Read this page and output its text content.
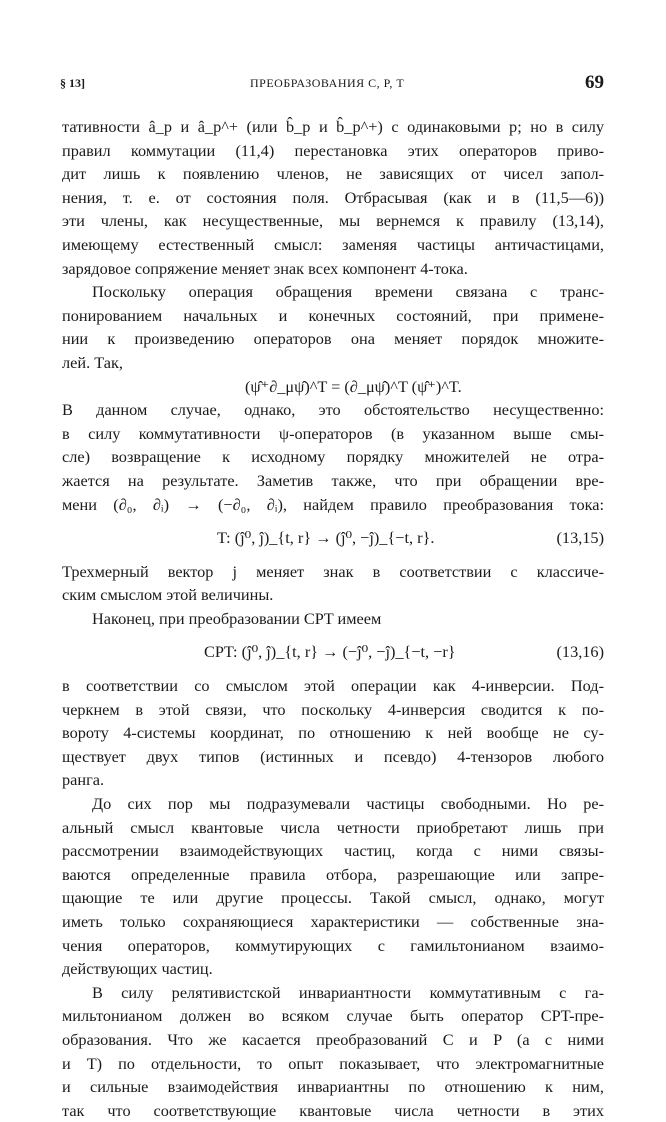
§ 13]	ПРЕОБРАЗОВАНИЯ С, Р, Т	69
тативности â_p и â_p^+ (или b̂_p и b̂_p^+) с одинаковыми p; но в силу
правил коммутации (11,4) перестановка этих операторов приво-
дит лишь к появлению членов, не зависящих от чисел запол-
нения, т. е. от состояния поля. Отбрасывая (как и в (11,5—6))
эти члены, как несущественные, мы вернемся к правилу (13,14),
имеющему естественный смысл: заменяя частицы античастицами,
зарядовое сопряжение меняет знак всех компонент 4-тока.
Поскольку операция обращения времени связана с транс-
понированием начальных и конечных состояний, при примене-
нии к произведению операторов она меняет порядок множите-
лей. Так,
(ψ̂⁺∂_μψ̂)^T = (∂_μψ̂)^T (ψ̂⁺)^T.
В данном случае, однако, это обстоятельство несущественно:
в силу коммутативности ψ-операторов (в указанном выше смы-
сле) возвращение к исходному порядку множителей не отра-
жается на результате. Заметив также, что при обращении вре-
мени (∂₀, ∂ᵢ) → (−∂₀, ∂ᵢ), найдем правило преобразования тока:
T: (ĵ⁰, ĵ)_{t, r} → (ĵ⁰, −ĵ)_{−t, r}.	(13,15)
Трехмерный вектор j меняет знак в соответствии с классиче-
ским смыслом этой величины.
Наконец, при преобразовании CPT имеем
CPT: (ĵ⁰, ĵ)_{t, r} → (−ĵ⁰, −ĵ)_{−t, −r}	(13,16)
в соответствии со смыслом этой операции как 4-инверсии. Под-
черкнем в этой связи, что поскольку 4-инверсия сводится к по-
вороту 4-системы координат, по отношению к ней вообще не су-
ществует двух типов (истинных и псевдо) 4-тензоров любого
ранга.
До сих пор мы подразумевали частицы свободными. Но ре-
альный смысл квантовые числа четности приобретают лишь при
рассмотрении взаимодействующих частиц, когда с ними связы-
ваются определенные правила отбора, разрешающие или запре-
щающие те или другие процессы. Такой смысл, однако, могут
иметь только сохраняющиеся характеристики — собственные зна-
чения операторов, коммутирующих с гамильтонианом взаимо-
действующих частиц.
В силу релятивистской инвариантности коммутативным с га-
мильтонианом должен во всяком случае быть оператор CPT-пре-
образования. Что же касается преобразований C и P (а с ними
и T) по отдельности, то опыт показывает, что электромагнитные
и сильные взаимодействия инвариантны по отношению к ним,
так что соответствующие квантовые числа четности в этих
